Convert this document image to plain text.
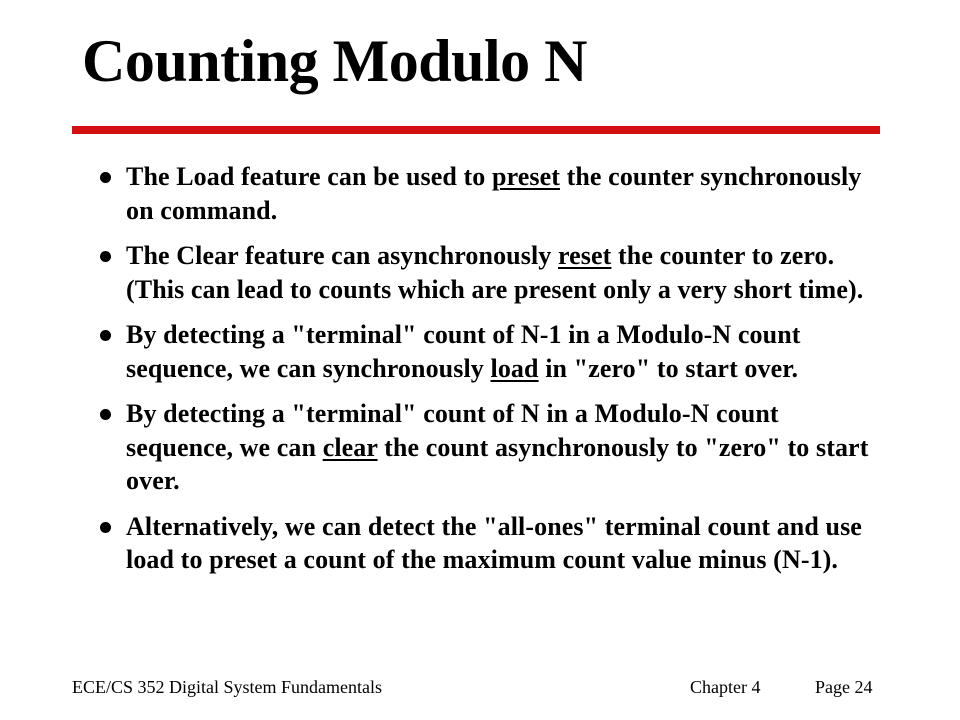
Counting Modulo N
The Load feature can be used to preset the counter synchronously on command.
The Clear feature can asynchronously reset the counter to zero. (This can lead to counts which are present only a very short time).
By detecting a "terminal" count of N-1 in a Modulo-N count sequence, we can synchronously load in "zero" to start over.
By detecting a "terminal" count of N in a Modulo-N count sequence, we can clear the count asynchronously to "zero" to start over.
Alternatively, we can detect the "all-ones" terminal count and use load to preset a count of the maximum count value minus (N-1).
ECE/CS 352 Digital System Fundamentals	Chapter 4	Page 24
